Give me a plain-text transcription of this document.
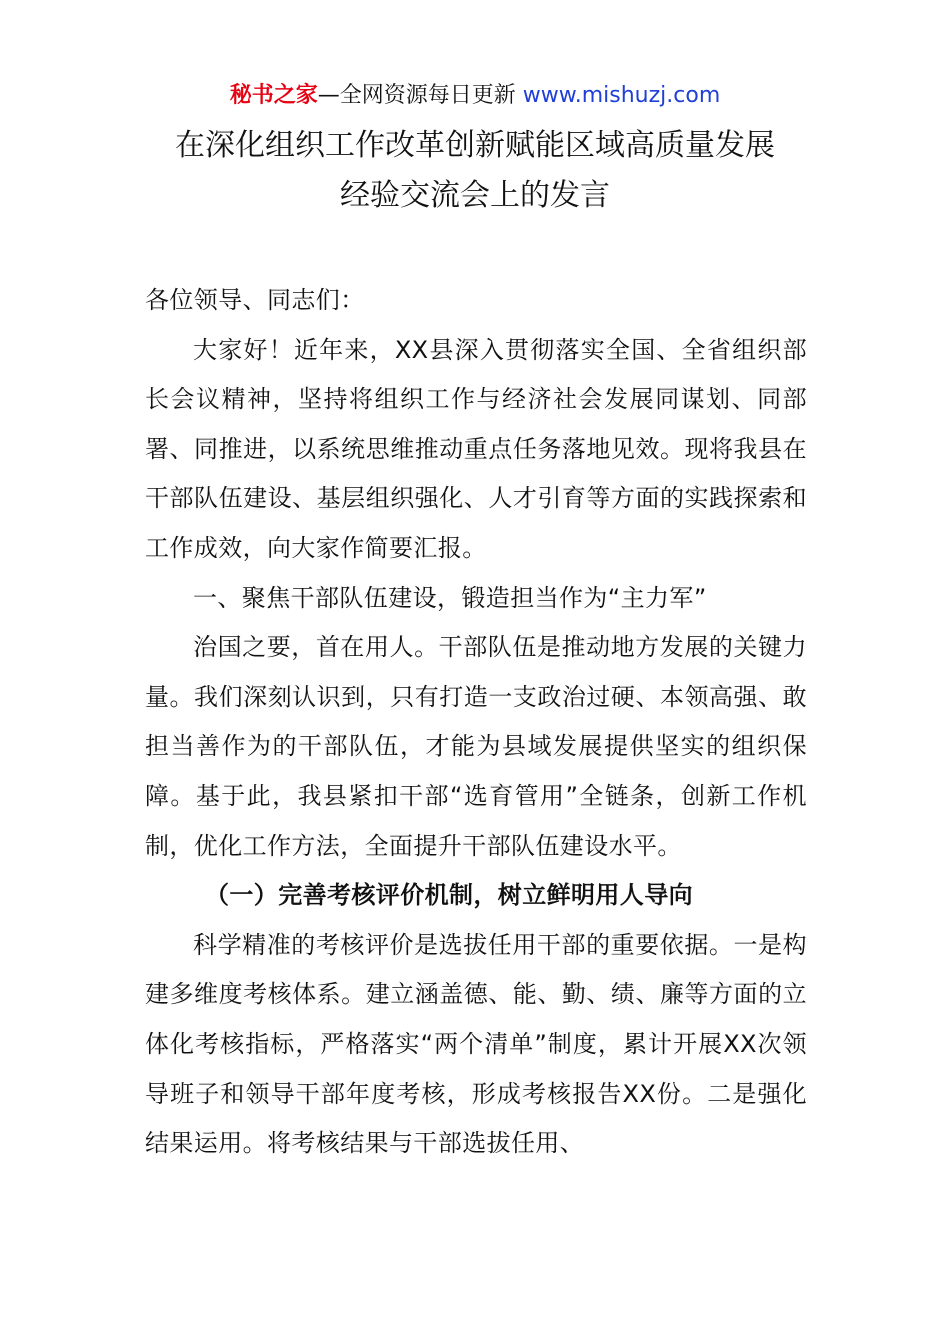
秘书之家—全网资源每日更新 www.mishuzj.com
在深化组织工作改革创新赋能区域高质量发展
经验交流会上的发言

各位领导、同志们：

大家好！近年来，XX县深入贯彻落实全国、全省组织部长会议精神，坚持将组织工作与经济社会发展同谋划、同部署、同推进，以系统思维推动重点任务落地见效。现将我县在干部队伍建设、基层组织强化、人才引育等方面的实践探索和工作成效，向大家作简要汇报。

一、聚焦干部队伍建设，锻造担当作为“主力军”

治国之要，首在用人。干部队伍是推动地方发展的关键力量。我们深刻认识到，只有打造一支政治过硬、本领高强、敢担当善作为的干部队伍，才能为县域发展提供坚实的组织保障。基于此，我县紧扣干部“选育管用”全链条，创新工作机制，优化工作方法，全面提升干部队伍建设水平。

（一）完善考核评价机制，树立鲜明用人导向

科学精准的考核评价是选拔任用干部的重要依据。一是构建多维度考核体系。建立涵盖德、能、勤、绩、廉等方面的立体化考核指标，严格落实“两个清单”制度，累计开展XX次领导班子和领导干部年度考核，形成考核报告XX份。二是强化结果运用。将考核结果与干部选拔任用、
